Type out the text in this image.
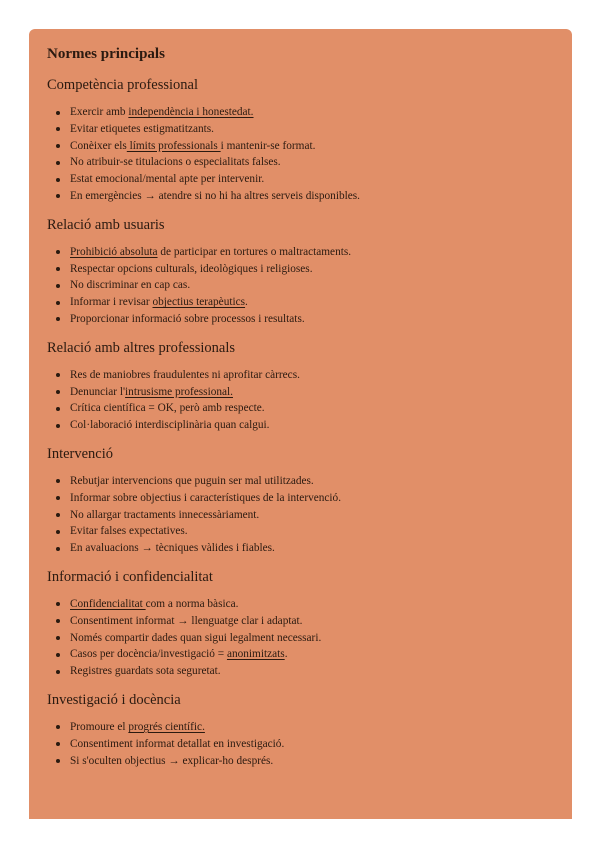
Normes principals
Competència professional
Exercir amb independència i honestedat.
Evitar etiquetes estigmatitzants.
Conèixer els límits professionals i mantenir-se format.
No atribuir-se titulacions o especialitats falses.
Estat emocional/mental apte per intervenir.
En emergències → atendre si no hi ha altres serveis disponibles.
Relació amb usuaris
Prohibició absoluta de participar en tortures o maltractaments.
Respectar opcions culturals, ideològiques i religioses.
No discriminar en cap cas.
Informar i revisar objectius terapèutics.
Proporcionar informació sobre processos i resultats.
Relació amb altres professionals
Res de maniobres fraudulentes ni aprofitar càrrecs.
Denunciar l'intrusisme professional.
Crítica científica = OK, però amb respecte.
Col·laboració interdisciplinària quan calgui.
Intervenció
Rebutjar intervencions que puguin ser mal utilitzades.
Informar sobre objectius i característiques de la intervenció.
No allargar tractaments innecessàriament.
Evitar falses expectatives.
En avaluacions → tècniques vàlides i fiables.
Informació i confidencialitat
Confidencialitat com a norma bàsica.
Consentiment informat → llenguatge clar i adaptat.
Només compartir dades quan sigui legalment necessari.
Casos per docència/investigació = anonimitzats.
Registres guardats sota seguretat.
Investigació i docència
Promoure el progrés científic.
Consentiment informat detallat en investigació.
Si s'oculten objectius → explicar-ho després.
